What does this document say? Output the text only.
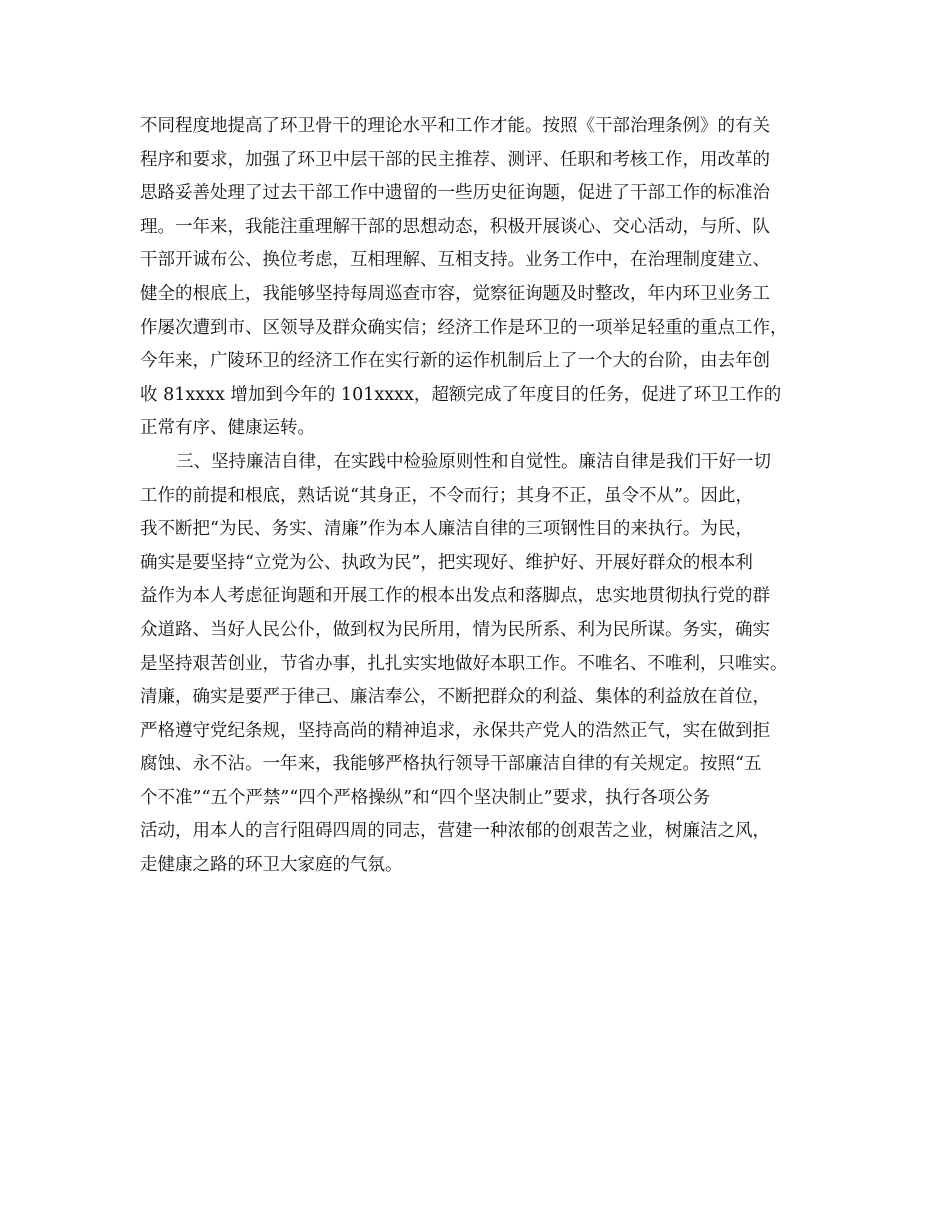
不同程度地提高了环卫骨干的理论水平和工作才能。按照《干部治理条例》的有关

程序和要求，加强了环卫中层干部的民主推荐、测评、任职和考核工作，用改革的

思路妥善处理了过去干部工作中遗留的一些历史征询题，促进了干部工作的标准治

理。一年来，我能注重理解干部的思想动态，积极开展谈心、交心活动，与所、队

干部开诚布公、换位考虑，互相理解、互相支持。业务工作中，在治理制度建立、

健全的根底上，我能够坚持每周巡查市容，觉察征询题及时整改，年内环卫业务工

作屡次遭到市、区领导及群众确实信；经济工作是环卫的一项举足轻重的重点工作，

今年来，广陵环卫的经济工作在实行新的运作机制后上了一个大的台阶，由去年创

收 81xxxx 增加到今年的 101xxxx，超额完成了年度目的任务，促进了环卫工作的

正常有序、健康运转。

三、坚持廉洁自律，在实践中检验原则性和自觉性。廉洁自律是我们干好一切

工作的前提和根底，熟话说“其身正，不令而行；其身不正，虽令不从”。因此，

我不断把“为民、务实、清廉”作为本人廉洁自律的三项钢性目的来执行。为民，

确实是要坚持“立党为公、执政为民”，把实现好、维护好、开展好群众的根本利

益作为本人考虑征询题和开展工作的根本出发点和落脚点，忠实地贯彻执行党的群

众道路、当好人民公仆，做到权为民所用，情为民所系、利为民所谋。务实，确实

是坚持艰苦创业，节省办事，扎扎实实地做好本职工作。不唯名、不唯利，只唯实。

清廉，确实是要严于律己、廉洁奉公，不断把群众的利益、集体的利益放在首位，

严格遵守党纪条规，坚持高尚的精神追求，永保共产党人的浩然正气，实在做到拒

腐蚀、永不沾。一年来，我能够严格执行领导干部廉洁自律的有关规定。按照“五

个不准”“五个严禁”“四个严格操纵”和“四个坚决制止”要求，执行各项公务

活动，用本人的言行阻碍四周的同志，营建一种浓郁的创艰苦之业，树廉洁之风，

走健康之路的环卫大家庭的气氛。
